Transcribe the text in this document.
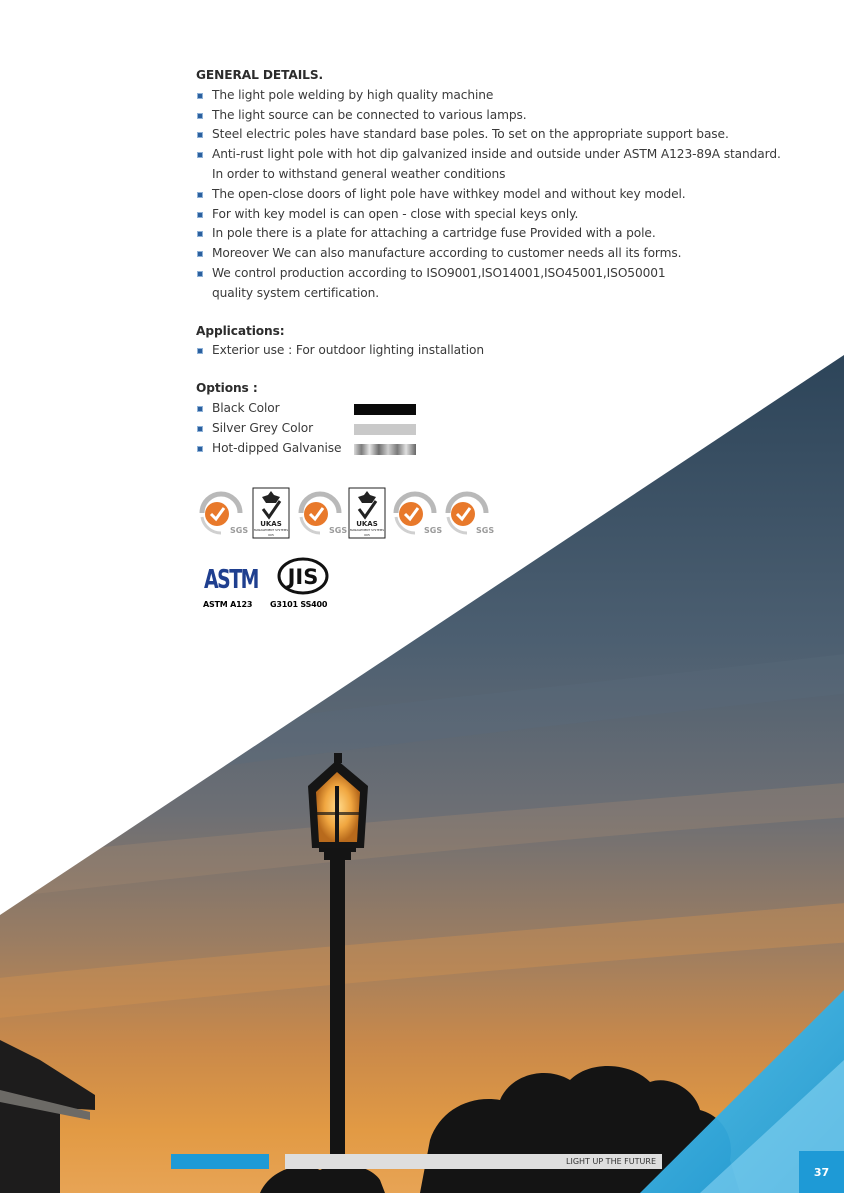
GENERAL DETAILS.

The light pole welding by high quality machine
The light source can be connected to various lamps.
Steel electric poles have standard base poles. To set on the appropriate support base.
Anti-rust light pole with hot dip galvanized inside and outside under ASTM A123-89A standard.
In order to withstand general weather conditions
The open-close doors of light pole have withkey model and without key model.
For with key model is can open - close with special keys only.
In pole there is a plate for attaching a cartridge fuse Provided with a pole.
Moreover We can also manufacture according to customer needs all its forms.
We control production according to ISO9001,ISO14001,ISO45001,ISO50001
quality system certification.

Applications:

Exterior use : For outdoor lighting installation

Options :

Black Color
Silver Grey Color
Hot-dipped Galvanise
SGS
UKAS
MANAGEMENT SYSTEMS
005	SGS
UKAS
MANAGEMENT SYSTEMS
005	SGS	SGS
ASTM
ASTM A123
JIS
G3101 SS400
LIGHT UP THE FUTURE
37
